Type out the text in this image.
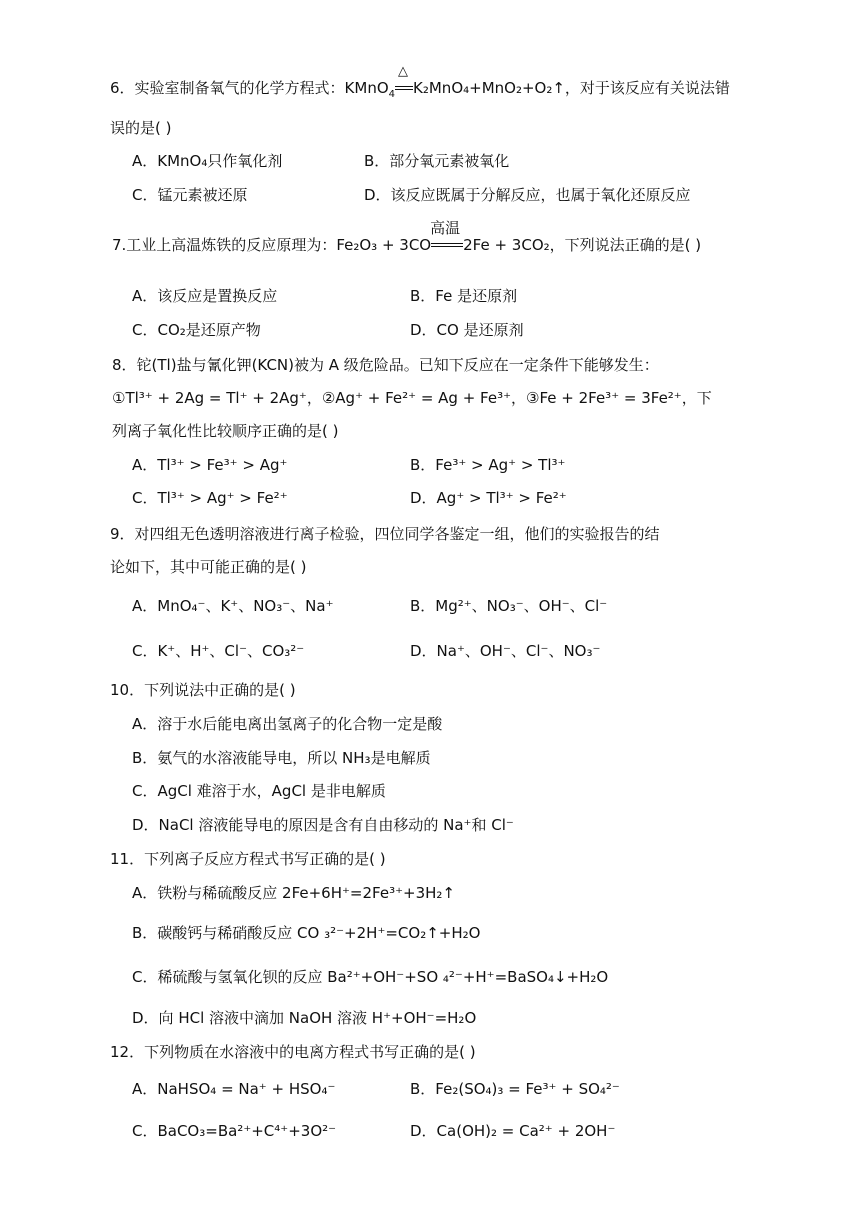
6．实验室制备氧气的化学方程式：KMnO$_4$
△
K₂MnO₄+MnO₂+O₂↑，对于该反应有关说法错
误的是( )
A．KMnO₄只作氧化剂	B．部分氧元素被氧化
C．锰元素被还原	D．该反应既属于分解反应，也属于氧化还原反应
7.工业上高温炼铁的反应原理为：Fe₂O₃ + 3CO
高温
2Fe + 3CO₂，下列说法正确的是( )
A．该反应是置换反应	B．Fe 是还原剂
C．CO₂是还原产物	D．CO 是还原剂
8．铊(Tl)盐与氰化钾(KCN)被为 A 级危险品。已知下反应在一定条件下能够发生：
①Tl³⁺ + 2Ag = Tl⁺ + 2Ag⁺，②Ag⁺ + Fe²⁺ = Ag + Fe³⁺，③Fe + 2Fe³⁺ = 3Fe²⁺，下
列离子氧化性比较顺序正确的是( )
A．Tl³⁺ > Fe³⁺ > Ag⁺	B．Fe³⁺ > Ag⁺ > Tl³⁺
C．Tl³⁺ > Ag⁺ > Fe²⁺	D．Ag⁺ > Tl³⁺ > Fe²⁺
9．对四组无色透明溶液进行离子检验，四位同学各鉴定一组，他们的实验报告的结
论如下，其中可能正确的是( )
A．MnO₄⁻、K⁺、NO₃⁻、Na⁺	B．Mg²⁺、NO₃⁻、OH⁻、Cl⁻
C．K⁺、H⁺、Cl⁻、CO₃²⁻	D．Na⁺、OH⁻、Cl⁻、NO₃⁻
10．下列说法中正确的是( )
A．溶于水后能电离出氢离子的化合物一定是酸
B．氨气的水溶液能导电，所以 NH₃是电解质
C．AgCl 难溶于水，AgCl 是非电解质
D．NaCl 溶液能导电的原因是含有自由移动的 Na⁺和 Cl⁻
11．下列离子反应方程式书写正确的是( )
A．铁粉与稀硫酸反应 2Fe+6H⁺=2Fe³⁺+3H₂↑
B．碳酸钙与稀硝酸反应 CO ₃²⁻+2H⁺=CO₂↑+H₂O
C．稀硫酸与氢氧化钡的反应 Ba²⁺+OH⁻+SO ₄²⁻+H⁺=BaSO₄↓+H₂O
D．向 HCl 溶液中滴加 NaOH 溶液 H⁺+OH⁻=H₂O
12．下列物质在水溶液中的电离方程式书写正确的是( )
A．NaHSO₄ = Na⁺ + HSO₄⁻	B．Fe₂(SO₄)₃ = Fe³⁺ + SO₄²⁻
C．BaCO₃=Ba²⁺+C⁴⁺+3O²⁻	D．Ca(OH)₂ = Ca²⁺ + 2OH⁻
